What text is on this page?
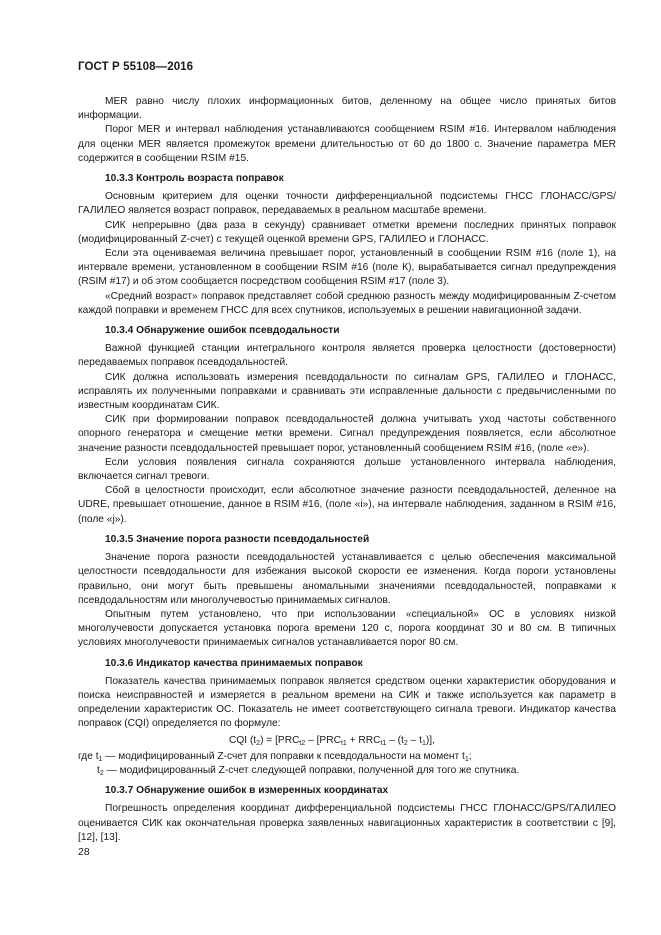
ГОСТ Р 55108—2016

MER равно числу плохих информационных битов, деленному на общее число принятых битов информации.

Порог MER и интервал наблюдения устанавливаются сообщением RSIM #16. Интервалом наблюдения для оценки MER является промежуток времени длительностью от 60 до 1800 с. Значение параметра MER содержится в сообщении RSIM #15.

10.3.3 Контроль возраста поправок

Основным критерием для оценки точности дифференциальной подсистемы ГНСС ГЛОНАСС/GPS/ГАЛИЛЕО является возраст поправок, передаваемых в реальном масштабе времени.

СИК непрерывно (два раза в секунду) сравнивает отметки времени последних принятых поправок (модифицированный Z-счет) с текущей оценкой времени GPS, ГАЛИЛЕО и ГЛОНАСС.

Если эта оцениваемая величина превышает порог, установленный в сообщении RSIM #16 (поле 1), на интервале времени, установленном в сообщении RSIM #16 (поле К), вырабатывается сигнал предупреждения (RSIM #17) и об этом сообщается посредством сообщения RSIM #17 (поле 3).

«Средний возраст» поправок представляет собой среднюю разность между модифицированным Z-счетом каждой поправки и временем ГНСС для всех спутников, используемых в решении навигационной задачи.

10.3.4 Обнаружение ошибок псевдодальности

Важной функцией станции интегрального контроля является проверка целостности (достоверности) передаваемых поправок псевдодальностей.

СИК должна использовать измерения псевдодальности по сигналам GPS, ГАЛИЛЕО и ГЛОНАСС, исправлять их полученными поправками и сравнивать эти исправленные дальности с предвычисленными по известным координатам СИК.

СИК при формировании поправок псевдодальностей должна учитывать уход частоты собственного опорного генератора и смещение метки времени. Сигнал предупреждения появляется, если абсолютное значение разности псевдодальностей превышает порог, установленный сообщением RSIM #16, (поле «e»).

Если условия появления сигнала сохраняются дольше установленного интервала наблюдения, включается сигнал тревоги.

Сбой в целостности происходит, если абсолютное значение разности псевдодальностей, деленное на UDRE, превышает отношение, данное в RSIM #16, (поле «i»), на интервале наблюдения, заданном в RSIM #16, (поле «j»).

10.3.5 Значение порога разности псевдодальностей

Значение порога разности псевдодальностей устанавливается с целью обеспечения максимальной целостности псевдодальности для избежания высокой скорости ее изменения. Когда пороги установлены правильно, они могут быть превышены аномальными значениями псевдодальностей, поправками к псевдодальностям или многолучевостью принимаемых сигналов.

Опытным путем установлено, что при использовании «специальной» ОС в условиях низкой многолучевости допускается установка порога времени 120 с, порога координат 30 и 80 см. В типичных условиях многолучевости принимаемых сигналов устанавливается порог 80 см.

10.3.6 Индикатор качества принимаемых поправок

Показатель качества принимаемых поправок является средством оценки характеристик оборудования и поиска неисправностей и измеряется в реальном времени на СИК и также используется как параметр в определении характеристик ОС. Показатель не имеет соответствующего сигнала тревоги. Индикатор качества поправок (CQI) определяется по формуле:

CQI $(t_2) = [PRC_{t2} - [PRC_{t1} + RRC_{t1} - (t_2 - t_1)]$,

где $t_1$ — модифицированный Z-счет для поправки к псевдодальности на момент $t_1$;

$t_2$ — модифицированный Z-счет следующей поправки, полученной для того же спутника.

10.3.7 Обнаружение ошибок в измеренных координатах

Погрешность определения координат дифференциальной подсистемы ГНСС ГЛОНАСС/GPS/ГАЛИЛЕО оценивается СИК как окончательная проверка заявленных навигационных характеристик в соответствии с [9], [12], [13].

28
